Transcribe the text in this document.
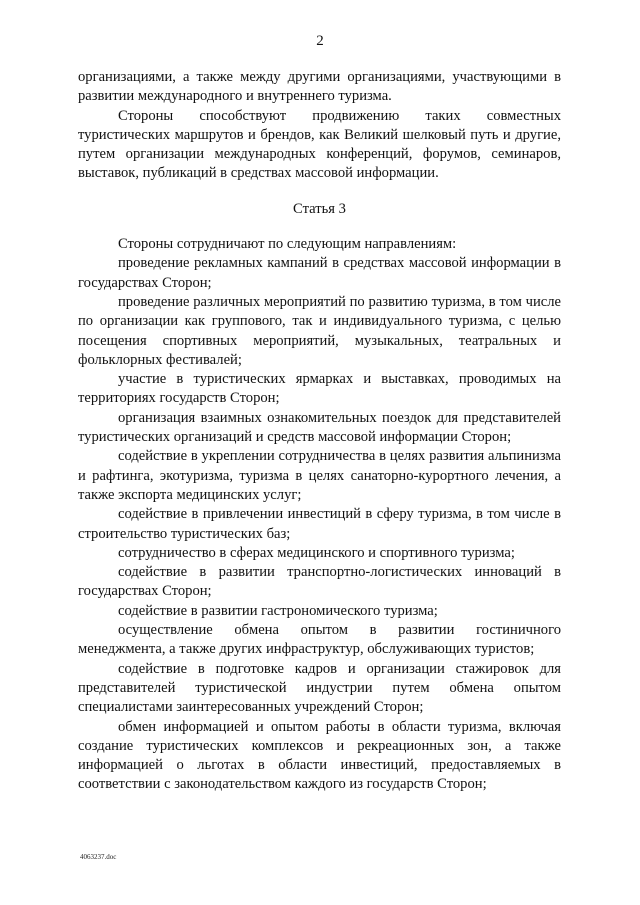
2

организациями, а также между другими организациями, участвующими в развитии международного и внутреннего туризма.

Стороны способствуют продвижению таких совместных туристических маршрутов и брендов, как Великий шелковый путь и другие, путем организации международных конференций, форумов, семинаров, выставок, публикаций в средствах массовой информации.

Статья 3

Стороны сотрудничают по следующим направлениям:

проведение рекламных кампаний в средствах массовой информации в государствах Сторон;

проведение различных мероприятий по развитию туризма, в том числе по организации как группового, так и индивидуального туризма, с целью посещения спортивных мероприятий, музыкальных, театральных и фольклорных фестивалей;

участие в туристических ярмарках и выставках, проводимых на территориях государств Сторон;

организация взаимных ознакомительных поездок для представителей туристических организаций и средств массовой информации Сторон;

содействие в укреплении сотрудничества в целях развития альпинизма и рафтинга, экотуризма, туризма в целях санаторно-курортного лечения, а также экспорта медицинских услуг;

содействие в привлечении инвестиций в сферу туризма, в том числе в строительство туристических баз;

сотрудничество в сферах медицинского и спортивного туризма;

содействие в развитии транспортно-логистических инноваций в государствах Сторон;

содействие в развитии гастрономического туризма;

осуществление обмена опытом в развитии гостиничного менеджмента, а также других инфраструктур, обслуживающих туристов;

содействие в подготовке кадров и организации стажировок для представителей туристической индустрии путем обмена опытом специалистами заинтересованных учреждений Сторон;

обмен информацией и опытом работы в области туризма, включая создание туристических комплексов и рекреационных зон, а также информацией о льготах в области инвестиций, предоставляемых в соответствии с законодательством каждого из государств Сторон;

4063237.doc
